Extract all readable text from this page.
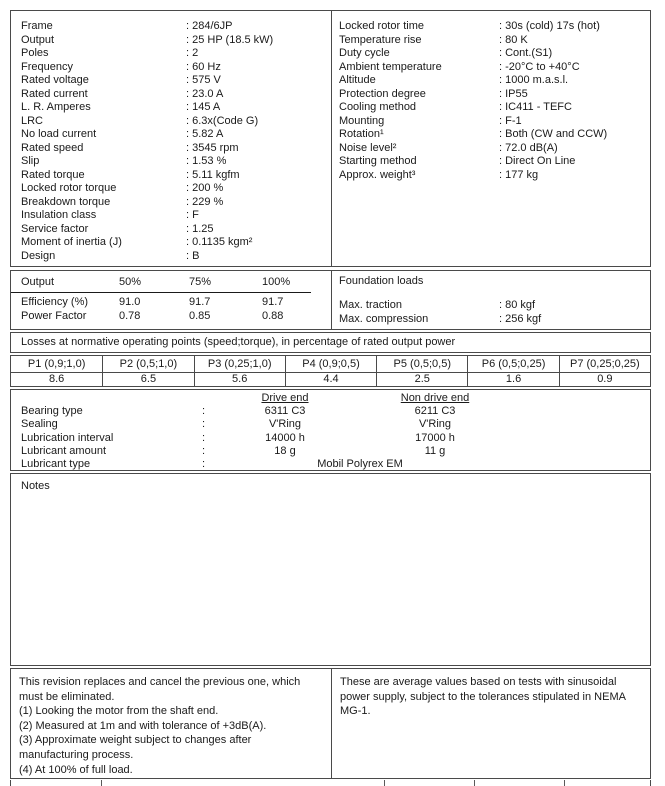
Frame	: 284/6JP
Output	: 25 HP (18.5 kW)
Poles	: 2
Frequency	: 60 Hz
Rated voltage	: 575 V
Rated current	: 23.0 A
L. R. Amperes	: 145 A
LRC	: 6.3x(Code G)
No load current	: 5.82 A
Rated speed	: 3545 rpm
Slip	: 1.53 %
Rated torque	: 5.11 kgfm
Locked rotor torque	: 200 %
Breakdown torque	: 229 %
Insulation class	: F
Service factor	: 1.25
Moment of inertia (J)	: 0.1135 kgm²
Design	: B
Locked rotor time	: 30s (cold) 17s (hot)
Temperature rise	: 80 K
Duty cycle	: Cont.(S1)
Ambient temperature	: -20°C to +40°C
Altitude	: 1000 m.a.s.l.
Protection degree	: IP55
Cooling method	: IC411 - TEFC
Mounting	: F-1
Rotation¹	: Both (CW and CCW)
Noise level²	: 72.0 dB(A)
Starting method	: Direct On Line
Approx. weight³	: 177 kg
Output	50%	75%	100%
Efficiency (%)	91.0	91.7	91.7
Power Factor	0.78	0.85	0.88
Foundation loads
Max. traction	: 80 kgf
Max. compression	: 256 kgf
Losses at normative operating points (speed;torque), in percentage of rated output power
P1 (0,9;1,0)	P2 (0,5;1,0)	P3 (0,25;1,0)	P4 (0,9;0,5)	P5 (0,5;0,5)	P6 (0,5;0,25)	P7 (0,25;0,25)
8.6	6.5	5.6	4.4	2.5	1.6	0.9
Drive end	Non drive end
Bearing type	:	6311 C3	6211 C3
Sealing	:	V'Ring	V'Ring
Lubrication interval	:	14000 h	17000 h
Lubricant amount	:	18 g	11 g
Lubricant type	:	Mobil Polyrex EM
Notes
This revision replaces and cancel the previous one, which must be eliminated.
(1) Looking the motor from the shaft end.
(2) Measured at 1m and with tolerance of +3dB(A).
(3) Approximate weight subject to changes after manufacturing process.
(4) At 100% of full load.
These are average values based on tests with sinusoidal power supply, subject to the tolerances stipulated in NEMA MG-1.
